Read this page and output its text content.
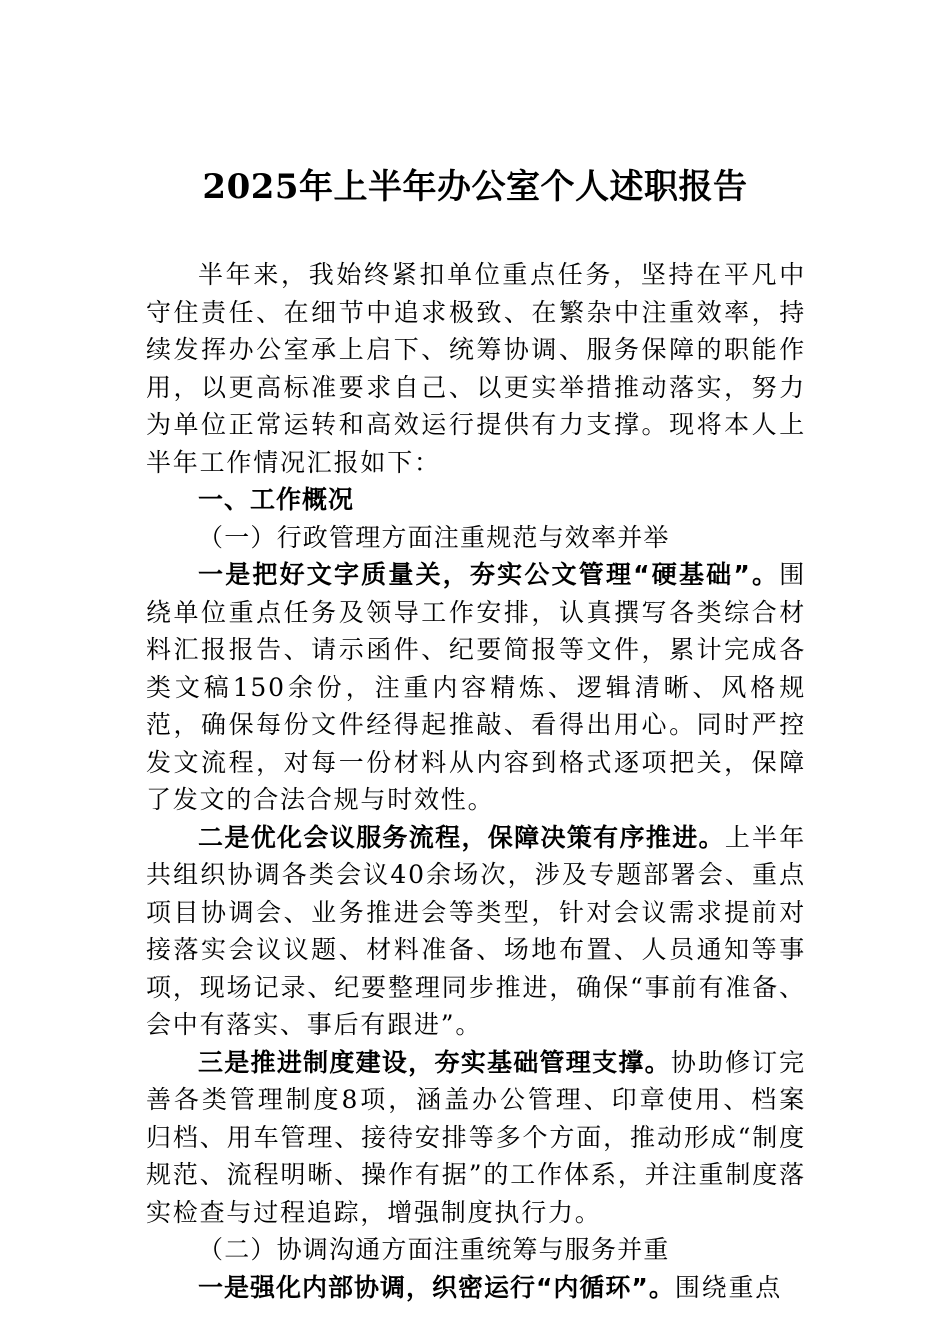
2025年上半年办公室个人述职报告

半年来，我始终紧扣单位重点任务，坚持在平凡中守住责任、在细节中追求极致、在繁杂中注重效率，持续发挥办公室承上启下、统筹协调、服务保障的职能作用，以更高标准要求自己、以更实举措推动落实，努力为单位正常运转和高效运行提供有力支撑。现将本人上半年工作情况汇报如下：

一、工作概况

（一）行政管理方面注重规范与效率并举

一是把好文字质量关，夯实公文管理“硬基础”。围绕单位重点任务及领导工作安排，认真撰写各类综合材料汇报报告、请示函件、纪要简报等文件，累计完成各类文稿150余份，注重内容精炼、逻辑清晰、风格规范，确保每份文件经得起推敲、看得出用心。同时严控发文流程，对每一份材料从内容到格式逐项把关，保障了发文的合法合规与时效性。

二是优化会议服务流程，保障决策有序推进。上半年共组织协调各类会议40余场次，涉及专题部署会、重点项目协调会、业务推进会等类型，针对会议需求提前对接落实会议议题、材料准备、场地布置、人员通知等事项，现场记录、纪要整理同步推进，确保“事前有准备、会中有落实、事后有跟进”。

三是推进制度建设，夯实基础管理支撑。协助修订完善各类管理制度8项，涵盖办公管理、印章使用、档案归档、用车管理、接待安排等多个方面，推动形成“制度规范、流程明晰、操作有据”的工作体系，并注重制度落实检查与过程追踪，增强制度执行力。

（二）协调沟通方面注重统筹与服务并重

一是强化内部协调，织密运行“内循环”。围绕重点
